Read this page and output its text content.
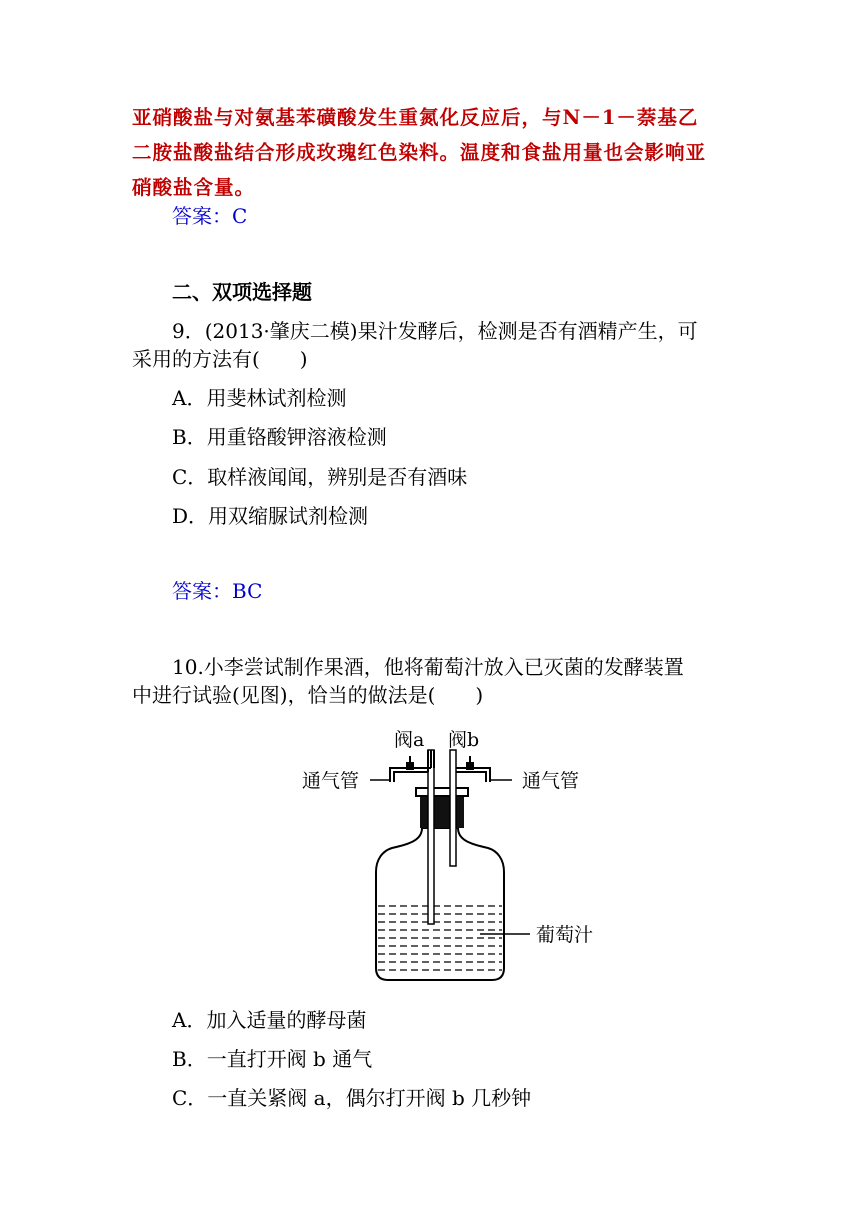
亚硝酸盐与对氨基苯磺酸发生重氮化反应后，与N－1－萘基乙
二胺盐酸盐结合形成玫瑰红色染料。温度和食盐用量也会影响亚
硝酸盐含量。
答案：C
二、双项选择题
9．(2013·肇庆二模)果汁发酵后，检测是否有酒精产生，可
采用的方法有(　　)
A．用斐林试剂检测
B．用重铬酸钾溶液检测
C．取样液闻闻，辨别是否有酒味
D．用双缩脲试剂检测
答案：BC
10.小李尝试制作果酒，他将葡萄汁放入已灭菌的发酵装置
中进行试验(见图)，恰当的做法是(　　)
阀a 阀b
通气管	通气管
葡萄汁
A．加入适量的酵母菌
B．一直打开阀 b 通气
C．一直关紧阀 a，偶尔打开阀 b 几秒钟
